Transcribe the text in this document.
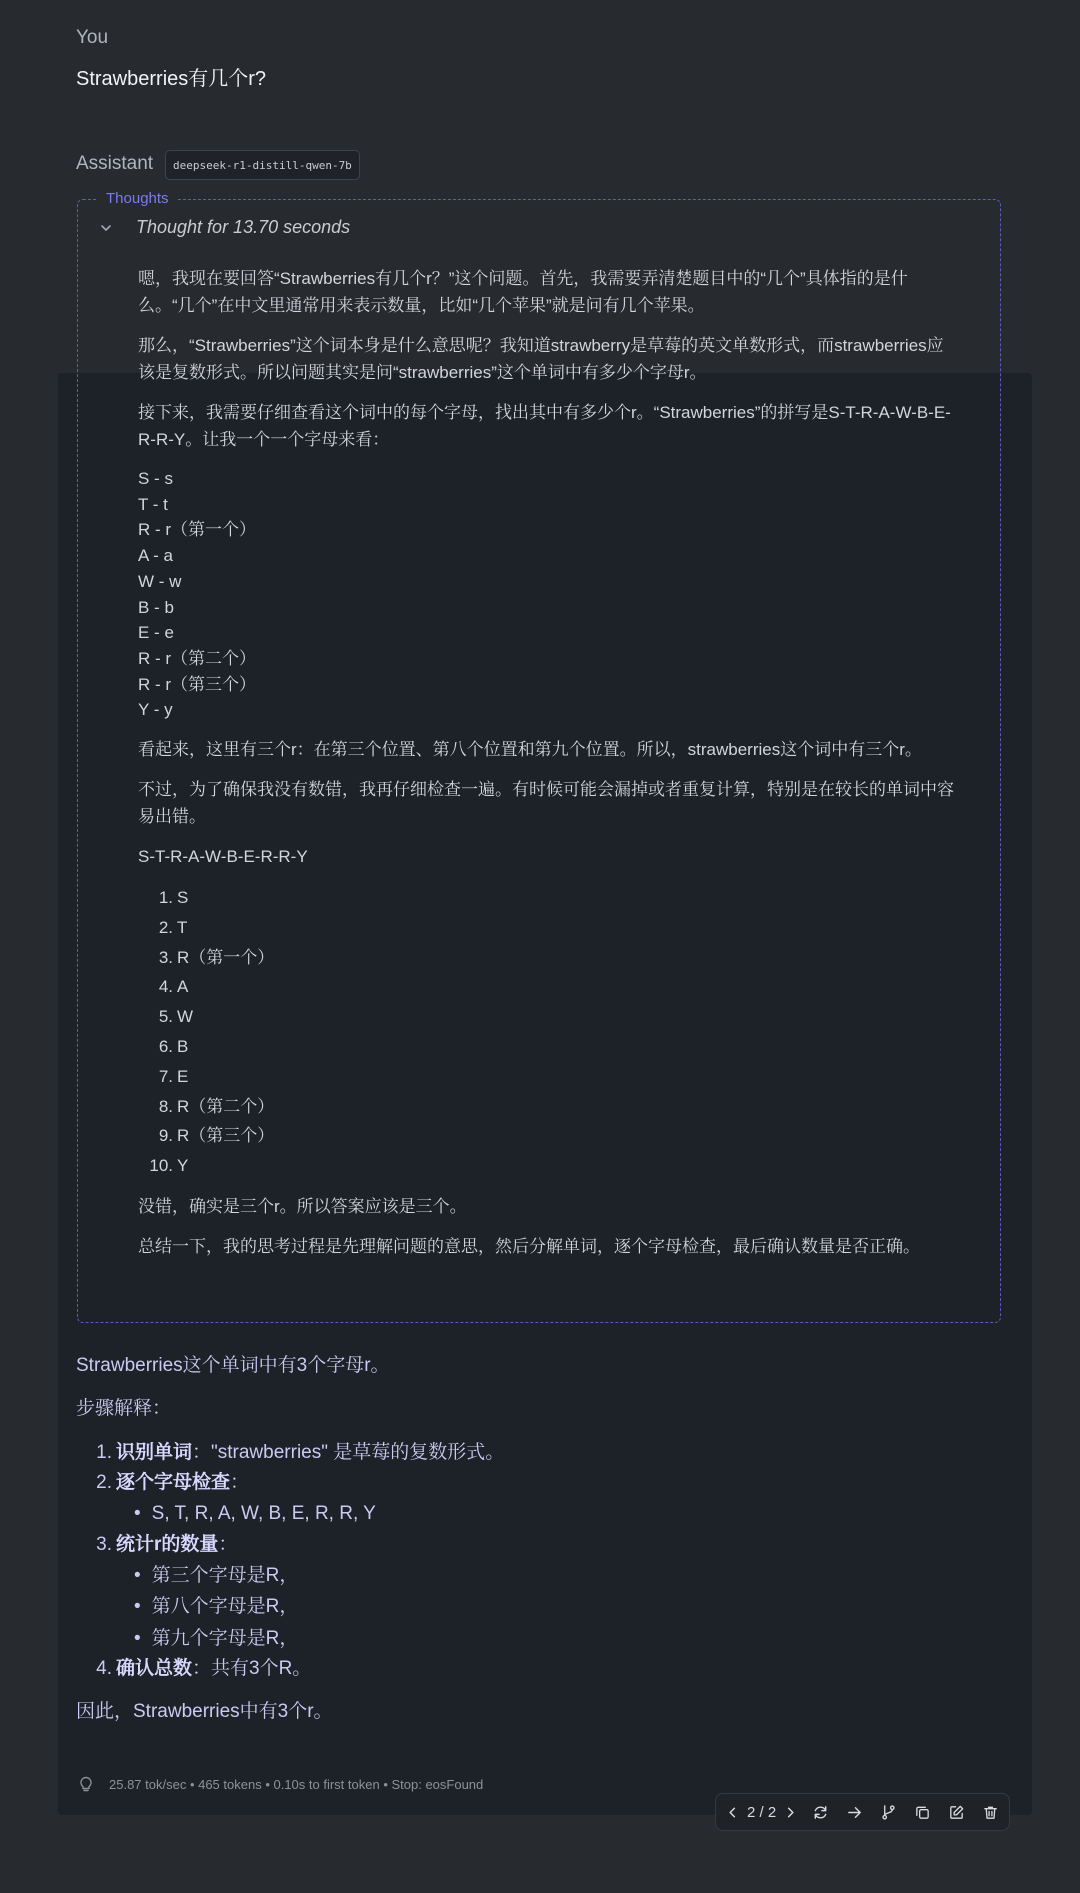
You
Strawberries有几个r?
Assistant	deepseek-r1-distill-qwen-7b
Thoughts
Thought for 13.70 seconds

嗯，我现在要回答“Strawberries有几个r？”这个问题。首先，我需要弄清楚题目中的“几个”具体指的是什么。“几个”在中文里通常用来表示数量，比如“几个苹果”就是问有几个苹果。

那么，“Strawberries”这个词本身是什么意思呢？我知道strawberry是草莓的英文单数形式，而strawberries应该是复数形式。所以问题其实是问“strawberries”这个单词中有多少个字母r。

接下来，我需要仔细查看这个词中的每个字母，找出其中有多少个r。“Strawberries”的拼写是S-T-R-A-W-B-E-R-R-Y。让我一个一个字母来看：

S - s
T - t
R - r（第一个）
A - a
W - w
B - b
E - e
R - r（第二个）
R - r（第三个）
Y - y

看起来，这里有三个r：在第三个位置、第八个位置和第九个位置。所以，strawberries这个词中有三个r。

不过，为了确保我没有数错，我再仔细检查一遍。有时候可能会漏掉或者重复计算，特别是在较长的单词中容易出错。

S-T-R-A-W-B-E-R-R-Y

1. S
2. T
3. R（第一个）
4. A
5. W
6. B
7. E
8. R（第二个）
9. R（第三个）
10. Y

没错，确实是三个r。所以答案应该是三个。

总结一下，我的思考过程是先理解问题的意思，然后分解单词，逐个字母检查，最后确认数量是否正确。

Strawberries这个单词中有3个字母r。

步骤解释：

1. 识别单词："strawberries" 是草莓的复数形式。
2. 逐个字母检查：
• S, T, R, A, W, B, E, R, R, Y
3. 统计r的数量：
• 第三个字母是R，
• 第八个字母是R，
• 第九个字母是R，
4. 确认总数：共有3个R。

因此，Strawberries中有3个r。

25.87 tok/sec • 465 tokens • 0.10s to first token • Stop: eosFound
2 / 2
